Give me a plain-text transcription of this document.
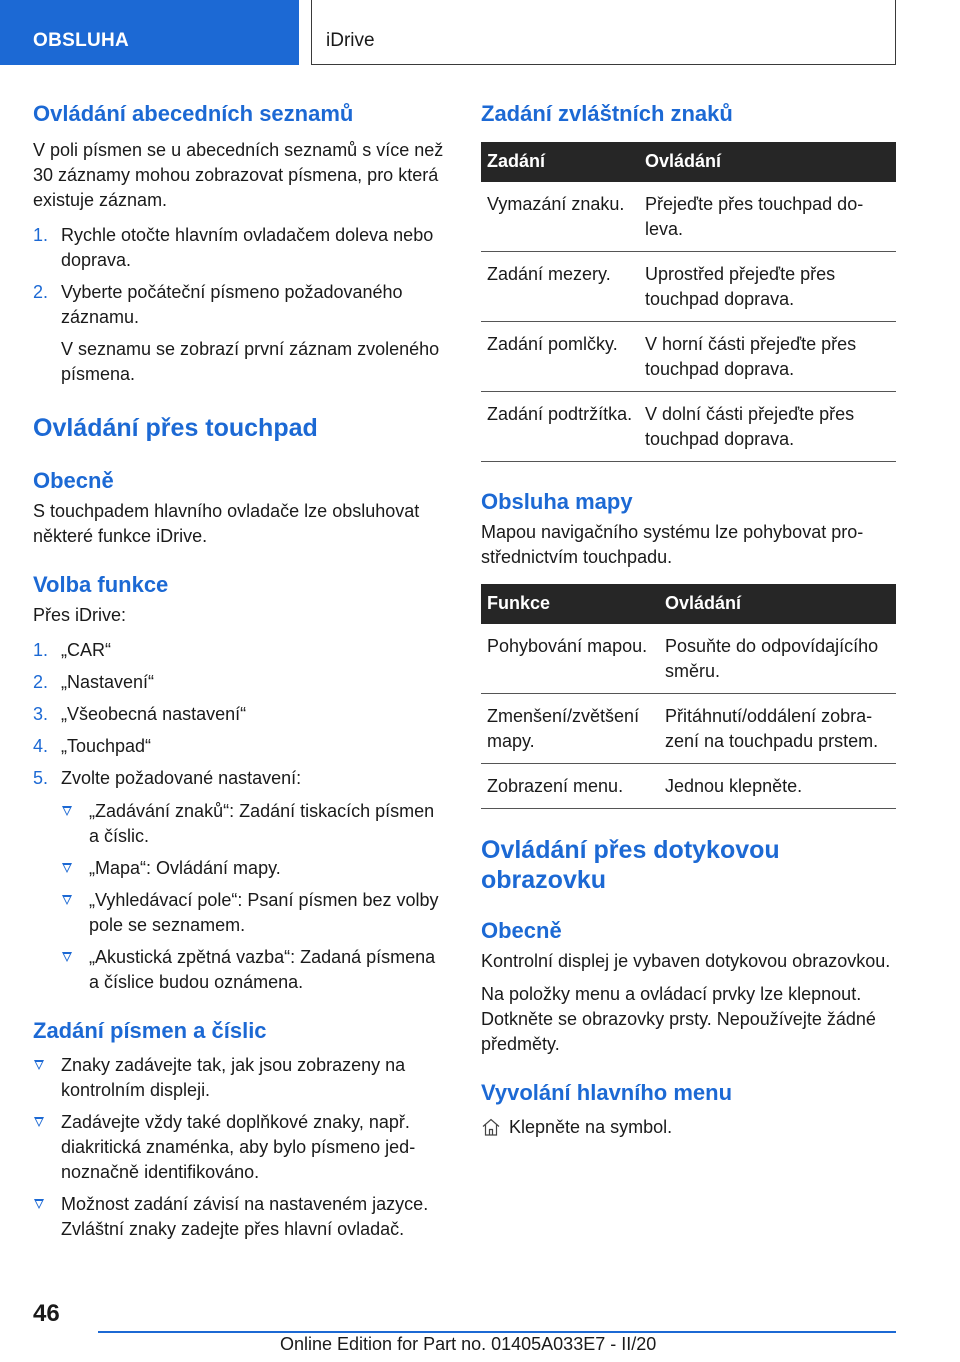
OBSLUHA	iDrive
Ovládání abecedních seznamů

V poli písmen se u abecedních seznamů s více než 30 záznamy mohou zobrazovat písmena, pro která existuje záznam.

1. Rychle otočte hlavním ovladačem doleva nebo doprava.
2. Vyberte počáteční písmeno požadovaného záznamu.
V seznamu se zobrazí první záznam zvoleného písmena.
Ovládání přes touchpad
Obecně

S touchpadem hlavního ovladače lze obsluhovat některé funkce iDrive.

Volba funkce

Přes iDrive:

1. „CAR“
2. „Nastavení“
3. „Všeobecná nastavení“
4. „Touchpad“
5. Zvolte požadované nastavení:
„Zadávání znaků“: Zadání tiskacích písmen a číslic.
„Mapa“: Ovládání mapy.
„Vyhledávací pole“: Psaní písmen bez volby pole se seznamem.
„Akustická zpětná vazba“: Zadaná písmena a číslice budou oznámena.
Zadání písmen a číslic
Znaky zadávejte tak, jak jsou zobrazeny na kontrolním displeji.
Zadávejte vždy také doplňkové znaky, např. diakritická znaménka, aby bylo písmeno jednoznačně identifikováno.
Možnost zadání závisí na nastaveném jazyce. Zvláštní znaky zadejte přes hlavní ovladač.
Zadání zvláštních znaků
Zadání	Ovládání
Vymazání znaku.	Přejeďte přes touchpad doleva.
Zadání mezery.	Uprostřed přejeďte přes touchpad doprava.
Zadání pomlčky.	V horní části přejeďte přes touchpad doprava.
Zadání podtržítka.	V dolní části přejeďte přes touchpad doprava.
Obsluha mapy

Mapou navigačního systému lze pohybovat prostřednictvím touchpadu.

Funkce	Ovládání
Pohybování mapou.	Posuňte do odpovídajícího směru.
Zmenšení/zvětšení mapy.	Přitáhnutí/oddálení zobrazení na touchpadu prstem.
Zobrazení menu.	Jednou klepněte.
Ovládání přes dotykovou obrazovku
Obecně

Kontrolní displej je vybaven dotykovou obrazovkou.

Na položky menu a ovládací prvky lze klepnout. Dotkněte se obrazovky prsty. Nepoužívejte žádné předměty.

Vyvolání hlavního menu
Klepněte na symbol.
46
Online Edition for Part no. 01405A033E7 - II/20
